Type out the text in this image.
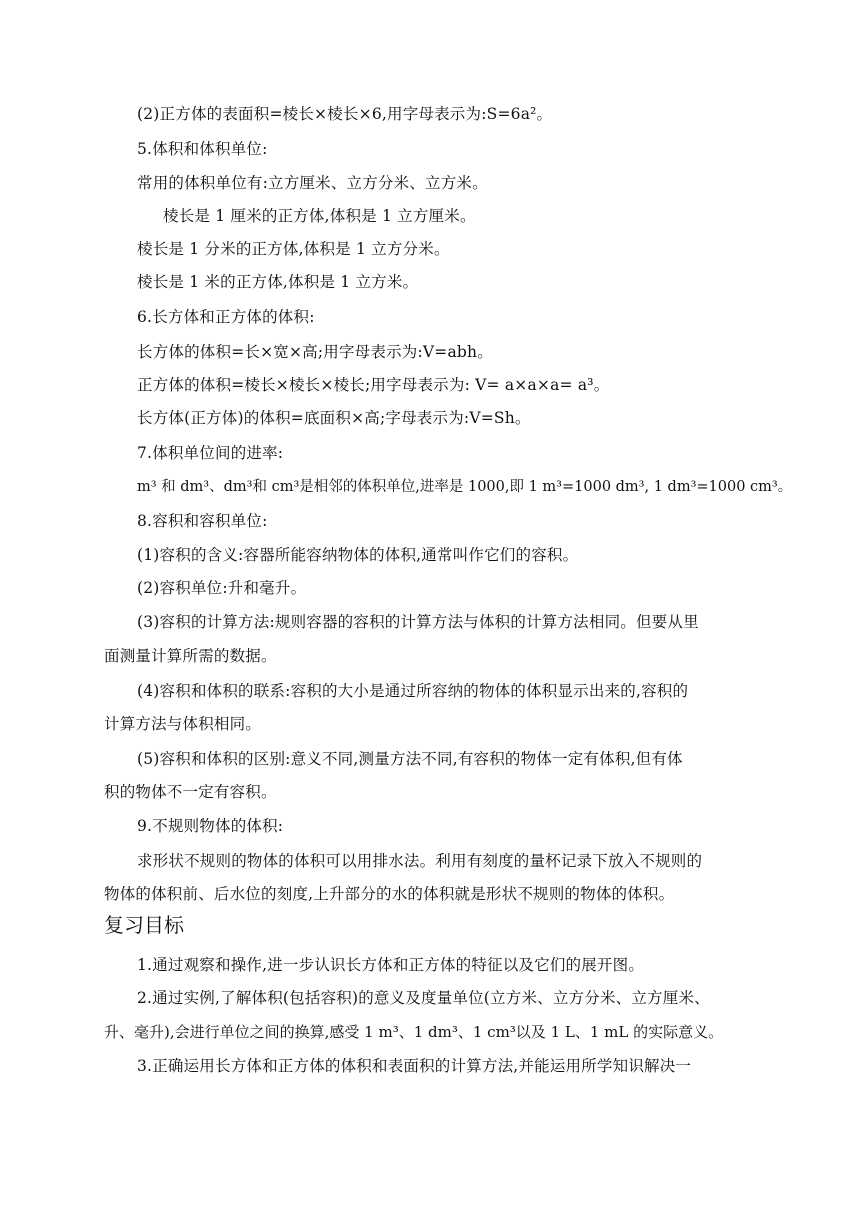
(2)正方体的表面积=棱长×棱长×6,用字母表示为:S=6a²。
5.体积和体积单位:
常用的体积单位有:立方厘米、立方分米、立方米。
棱长是 1 厘米的正方体,体积是 1 立方厘米。
棱长是 1 分米的正方体,体积是 1 立方分米。
棱长是 1 米的正方体,体积是 1 立方米。
6.长方体和正方体的体积:
长方体的体积=长×宽×高;用字母表示为:V=abh。
正方体的体积=棱长×棱长×棱长;用字母表示为: V= a×a×a= a³。
长方体(正方体)的体积=底面积×高;字母表示为:V=Sh。
7.体积单位间的进率:
m³ 和 dm³、dm³和 cm³是相邻的体积单位,进率是 1000,即 1 m³=1000 dm³, 1 dm³=1000 cm³。
8.容积和容积单位:
(1)容积的含义:容器所能容纳物体的体积,通常叫作它们的容积。
(2)容积单位:升和毫升。
(3)容积的计算方法:规则容器的容积的计算方法与体积的计算方法相同。但要从里
面测量计算所需的数据。
(4)容积和体积的联系:容积的大小是通过所容纳的物体的体积显示出来的,容积的
计算方法与体积相同。
(5)容积和体积的区别:意义不同,测量方法不同,有容积的物体一定有体积,但有体
积的物体不一定有容积。
9.不规则物体的体积:
求形状不规则的物体的体积可以用排水法。利用有刻度的量杯记录下放入不规则的
物体的体积前、后水位的刻度,上升部分的水的体积就是形状不规则的物体的体积。
复习目标
1.通过观察和操作,进一步认识长方体和正方体的特征以及它们的展开图。
2.通过实例,了解体积(包括容积)的意义及度量单位(立方米、立方分米、立方厘米、
升、毫升),会进行单位之间的换算,感受 1 m³、1 dm³、1 cm³以及 1 L、1 mL 的实际意义。
3.正确运用长方体和正方体的体积和表面积的计算方法,并能运用所学知识解决一
